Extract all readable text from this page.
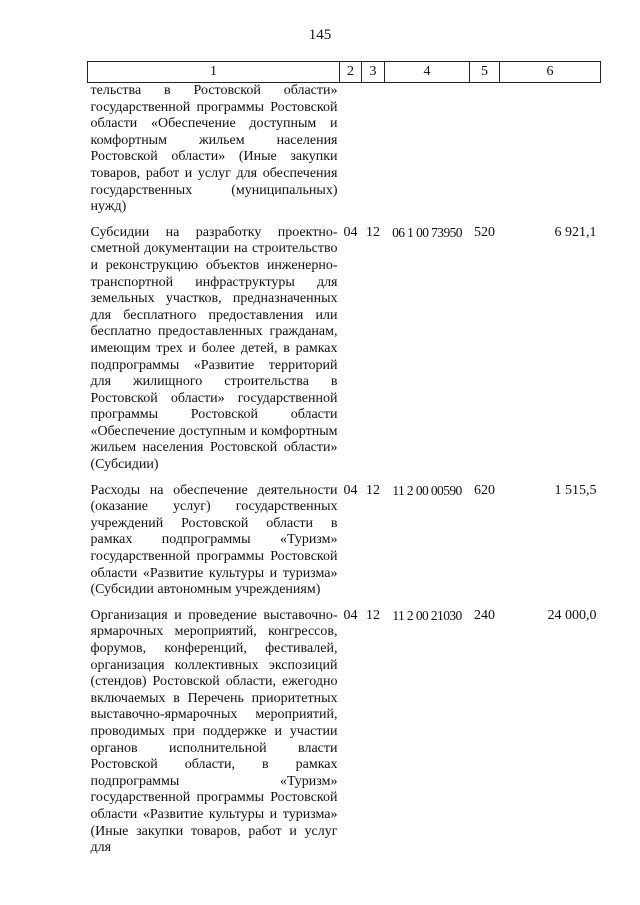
145
1	2	3	4	5	6
тельства в Ростовской области» государственной программы Ростовской области «Обеспечение доступным и комфортным жильем населения Ростовской области» (Иные закупки товаров, работ и услуг для обеспечения государственных (муниципальных) нужд)					
Субсидии на разработку проектно-сметной документации на строительство и реконструкцию объектов инженерно-транспортной инфраструктуры для земельных участков, предназначенных для бесплатного предоставления или бесплатно предоставленных гражданам, имеющим трех и более детей, в рамках подпрограммы «Развитие территорий для жилищного строительства в Ростовской области» государственной программы Ростовской области «Обеспечение доступным и комфортным жильем населения Ростовской области» (Субсидии)	04	12	06 1 00 73950	520	6 921,1
Расходы на обеспечение деятельности (оказание услуг) государственных учреждений Ростовской области в рамках подпрограммы «Туризм» государственной программы Ростовской области «Развитие культуры и туризма» (Субсидии автономным учреждениям)	04	12	11 2 00 00590	620	1 515,5
Организация и проведение выставочно-ярмарочных мероприятий, конгрессов, форумов, конференций, фестивалей, организация коллективных экспозиций (стендов) Ростовской области, ежегодно включаемых в Перечень приоритетных выставочно-ярмарочных мероприятий, проводимых при поддержке и участии органов исполнительной власти Ростовской области, в рамках подпрограммы «Туризм» государственной программы Ростовской области «Развитие культуры и туризма» (Иные закупки товаров, работ и услуг для	04	12	11 2 00 21030	240	24 000,0
